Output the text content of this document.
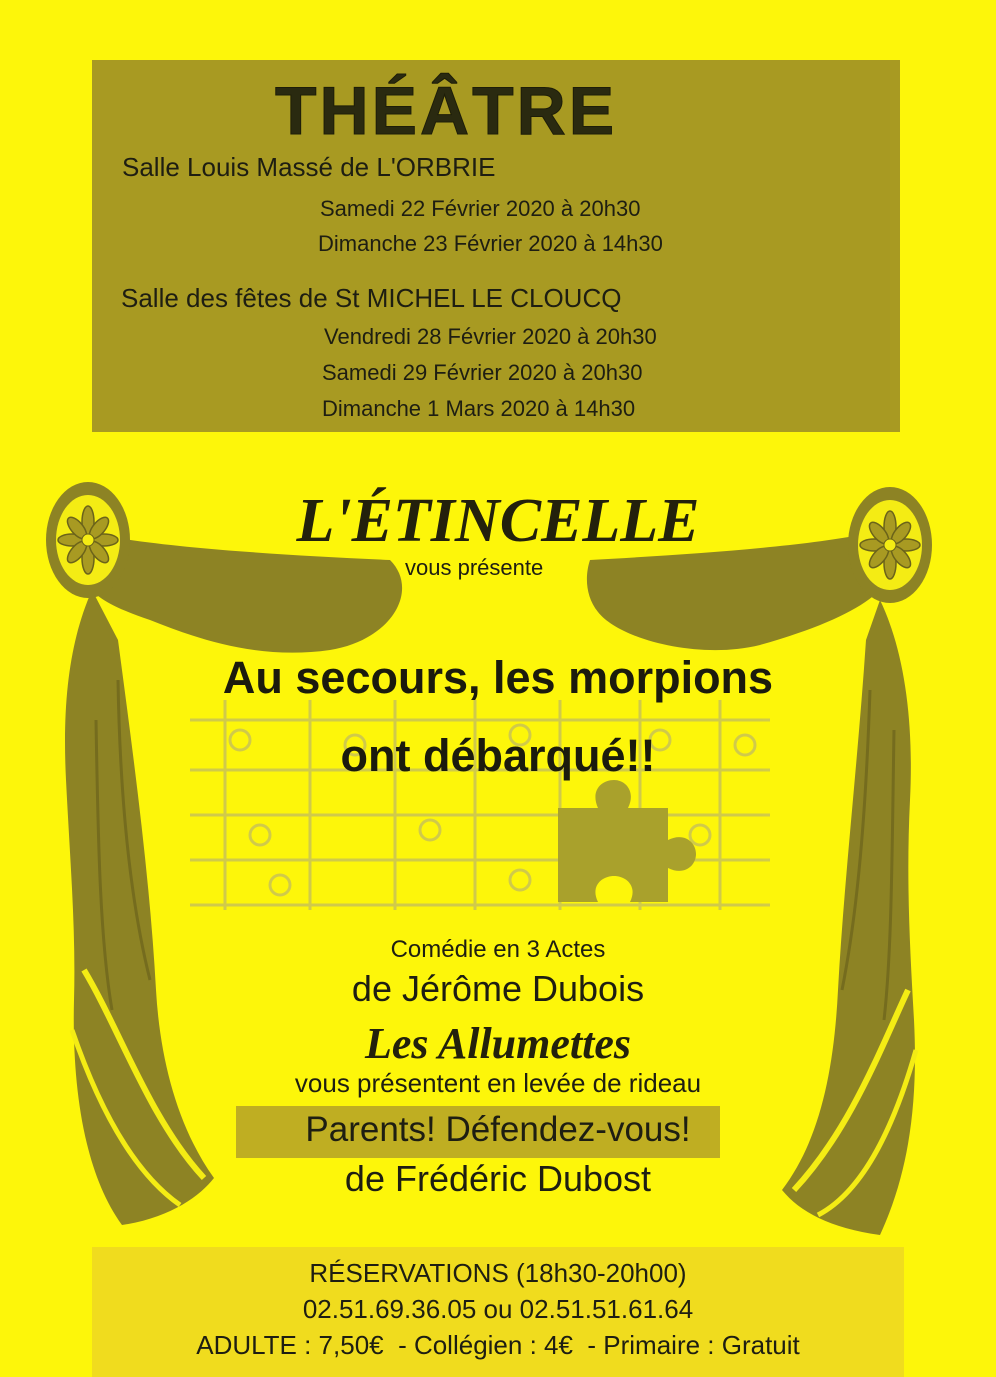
THÉÂTRE
Salle Louis Massé de L'ORBRIE
Samedi 22 Février 2020 à 20h30
Dimanche 23 Février 2020 à 14h30
Salle des fêtes de St MICHEL LE CLOUCQ
Vendredi 28 Février 2020 à 20h30
Samedi 29 Février 2020 à 20h30
Dimanche 1 Mars 2020 à 14h30
L'ÉTINCELLE
vous présente
Au secours, les morpions
ont débarqué!!
Comédie en 3 Actes
de Jérôme Dubois
Les Allumettes
vous présentent en levée de rideau
Parents! Défendez-vous!
de Frédéric Dubost
RÉSERVATIONS (18h30-20h00)
02.51.69.36.05 ou 02.51.51.61.64
ADULTE : 7,50€  - Collégien : 4€  - Primaire : Gratuit
